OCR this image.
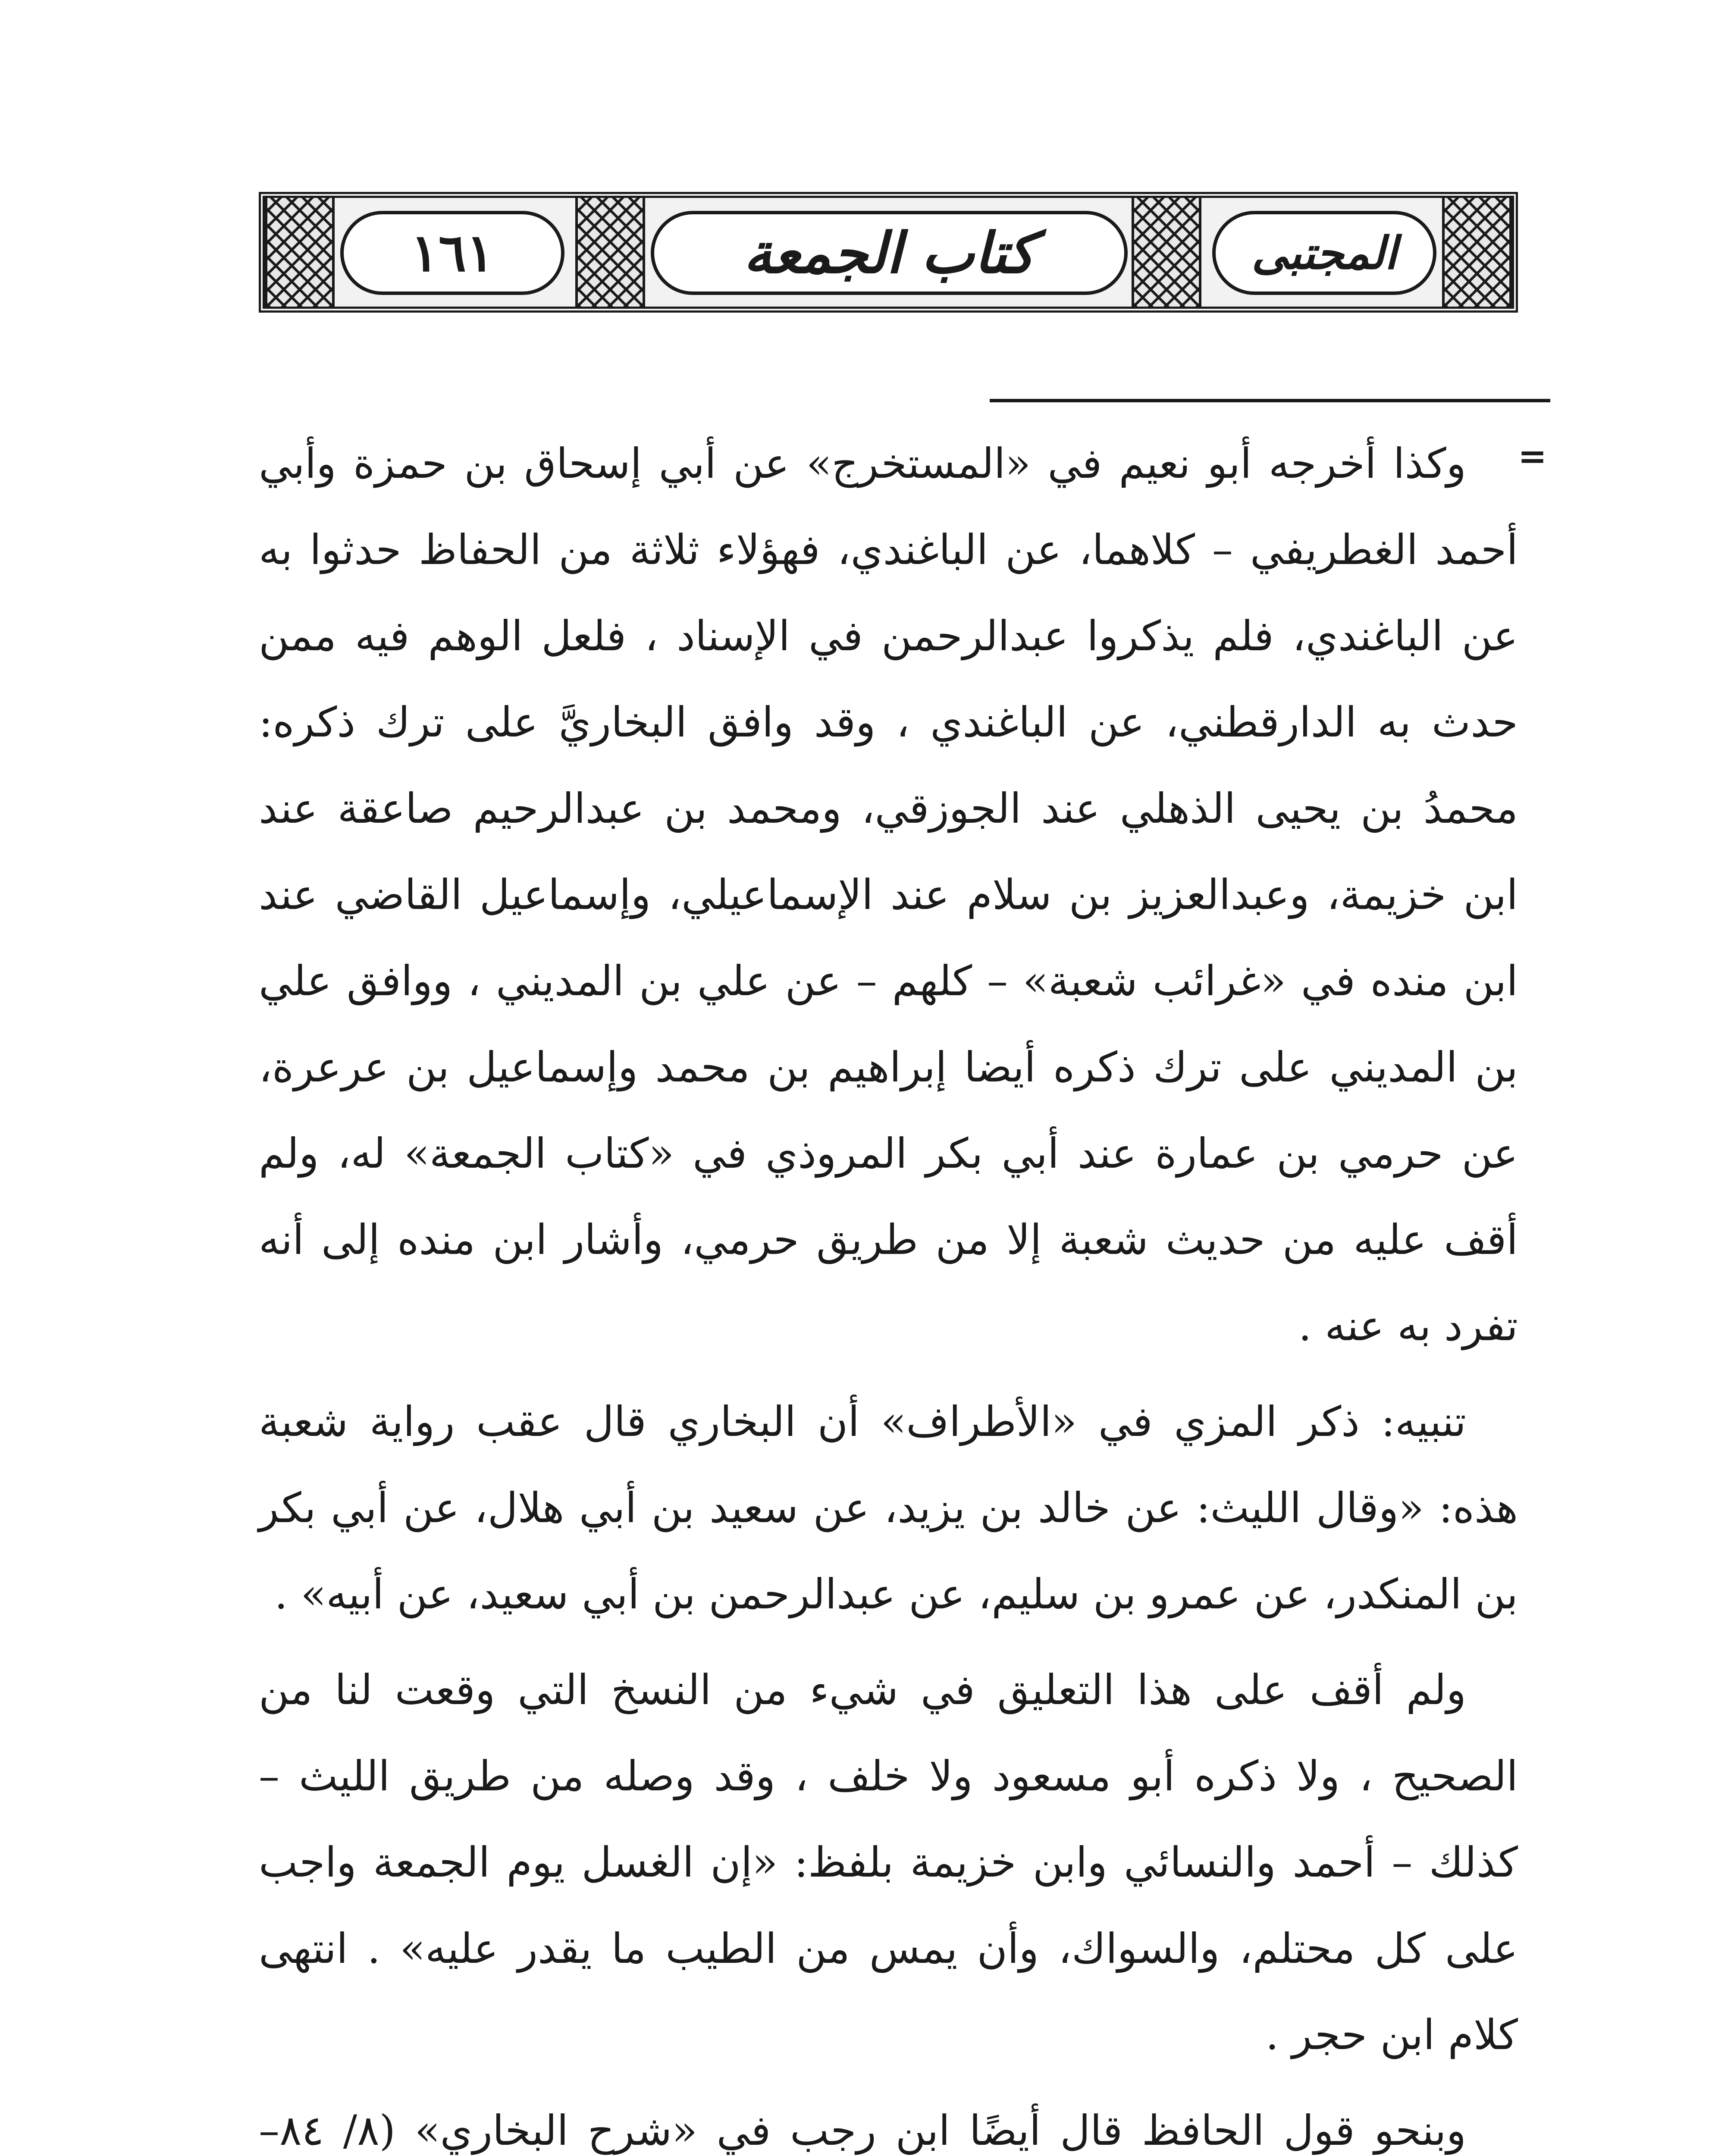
١٦١	كتاب الجمعة	المجتبى
=

وكذا أخرجه أبو نعيم في «المستخرج» عن أبي إسحاق بن حمزة وأبي أحمد الغطريفي – كلاهما، عن الباغندي، فهؤلاء ثلاثة من الحفاظ حدثوا به عن الباغندي، فلم يذكروا عبدالرحمن في الإسناد ، فلعل الوهم فيه ممن حدث به الدارقطني، عن الباغندي ، وقد وافق البخاريَّ على ترك ذكره: محمدُ بن يحيى الذهلي عند الجوزقي، ومحمد بن عبدالرحيم صاعقة عند ابن خزيمة، وعبدالعزيز بن سلام عند الإسماعيلي، وإسماعيل القاضي عند ابن منده في «غرائب شعبة» – كلهم – عن علي بن المديني ، ووافق علي بن المديني على ترك ذكره أيضا إبراهيم بن محمد وإسماعيل بن عرعرة، عن حرمي بن عمارة عند أبي بكر المروذي في «كتاب الجمعة» له، ولم أقف عليه من حديث شعبة إلا من طريق حرمي، وأشار ابن منده إلى أنه تفرد به عنه .

تنبيه: ذكر المزي في «الأطراف» أن البخاري قال عقب رواية شعبة هذه: «وقال الليث: عن خالد بن يزيد، عن سعيد بن أبي هلال، عن أبي بكر بن المنكدر، عن عمرو بن سليم، عن عبدالرحمن بن أبي سعيد، عن أبيه» .

ولم أقف على هذا التعليق في شيء من النسخ التي وقعت لنا من الصحيح ، ولا ذكره أبو مسعود ولا خلف ، وقد وصله من طريق الليث – كذلك – أحمد والنسائي وابن خزيمة بلفظ: «إن الغسل يوم الجمعة واجب على كل محتلم، والسواك، وأن يمس من الطيب ما يقدر عليه» . انتهى كلام ابن حجر .

وبنحو قول الحافظ قال أيضًا ابن رجب في «شرح البخاري» (٨/ ٨٤–
